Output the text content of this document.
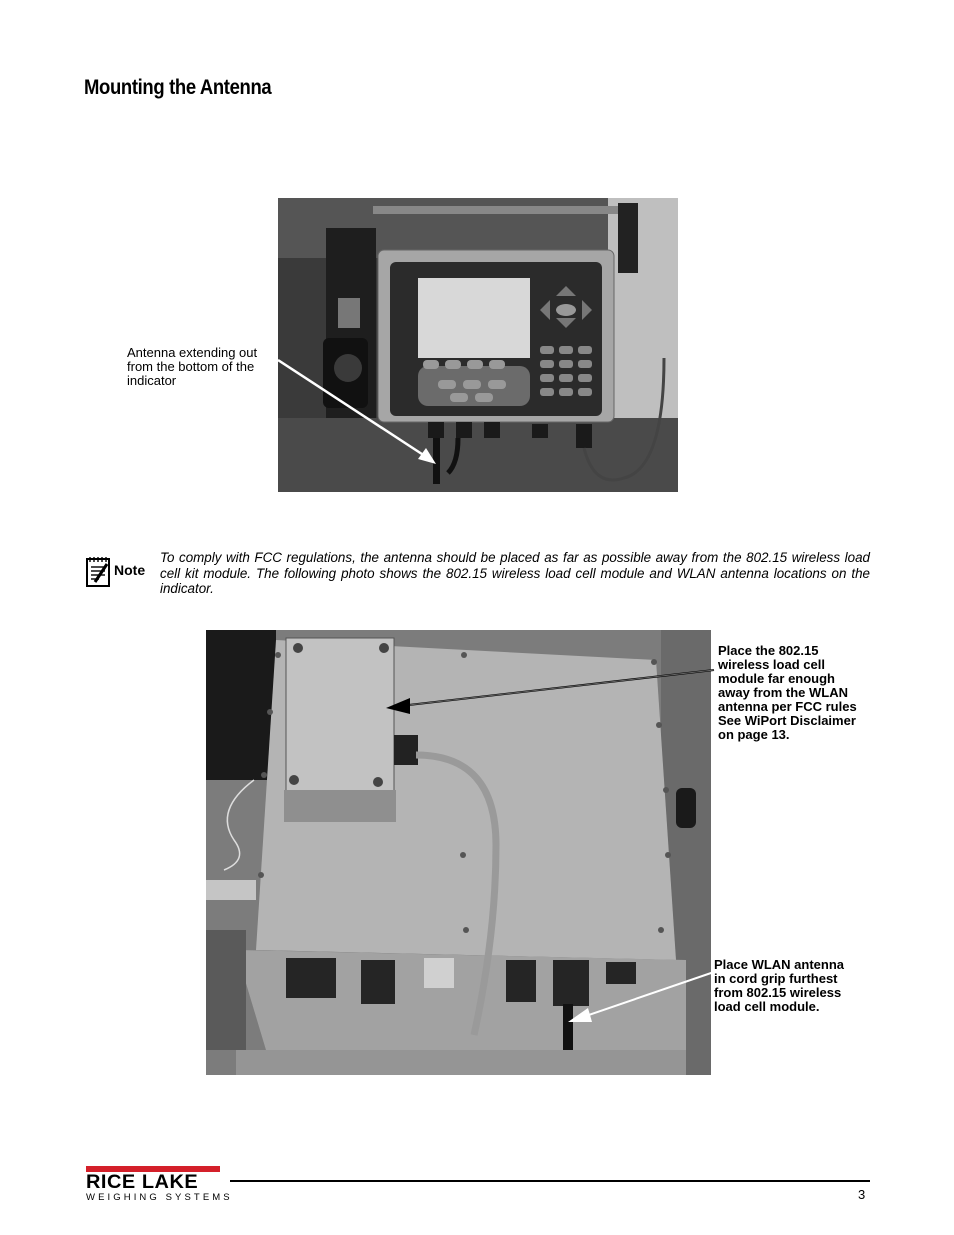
Mounting the Antenna
Antenna extending out from the bottom of the indicator
Note
To comply with FCC regulations, the antenna should be placed as far as possible away from the 802.15 wireless load cell kit module. The following photo shows the 802.15 wireless load cell module and WLAN antenna locations on the indicator.
Place the 802.15 wireless load cell module far enough away from the WLAN antenna per FCC rules See WiPort Disclaimer on page 13.
Place WLAN antenna in cord grip furthest from 802.15 wireless load cell module.
RICE LAKE
WEIGHING SYSTEMS	3
